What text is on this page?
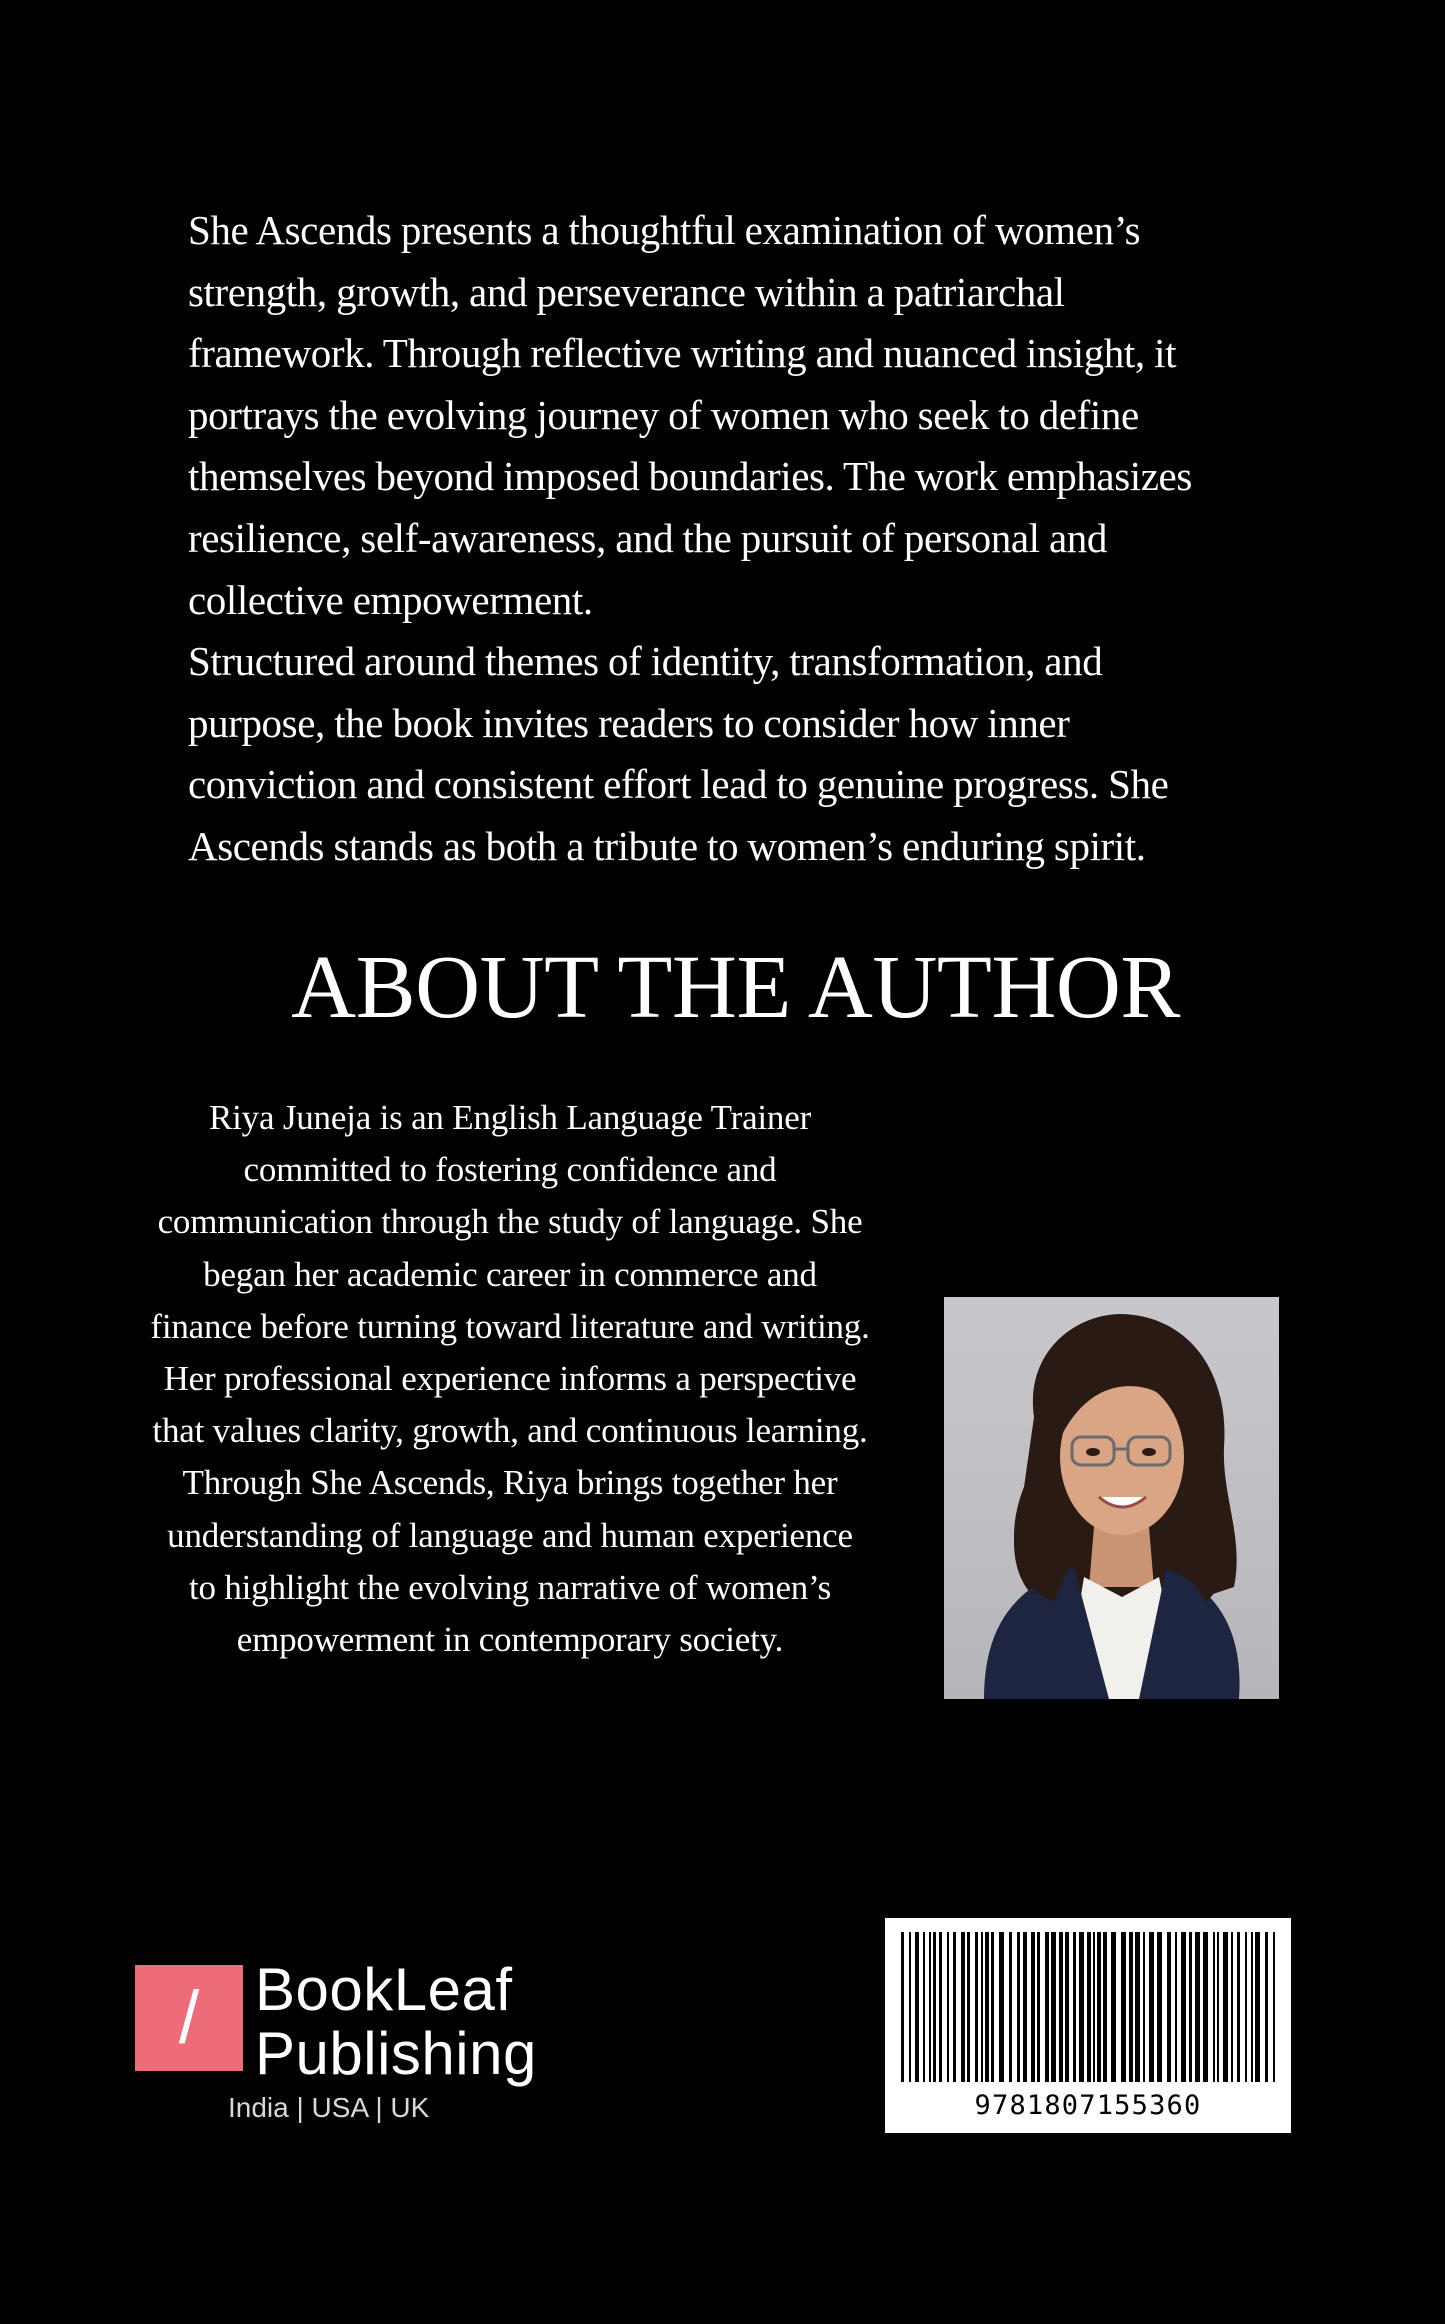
She Ascends presents a thoughtful examination of women’s strength, growth, and perseverance within a patriarchal framework. Through reflective writing and nuanced insight, it portrays the evolving journey of women who seek to define themselves beyond imposed boundaries. The work emphasizes resilience, self-awareness, and the pursuit of personal and collective empowerment.

Structured around themes of identity, transformation, and purpose, the book invites readers to consider how inner conviction and consistent effort lead to genuine progress. She Ascends stands as both a tribute to women’s enduring spirit.

ABOUT THE AUTHOR

Riya Juneja is an English Language Trainer committed to fostering confidence and communication through the study of language. She began her academic career in commerce and finance before turning toward literature and writing.

Her professional experience informs a perspective that values clarity, growth, and continuous learning. Through She Ascends, Riya brings together her understanding of language and human experience to highlight the evolving narrative of women’s empowerment in contemporary society.

/ BookLeaf
Publishing
India | USA | UK	9781807155360
